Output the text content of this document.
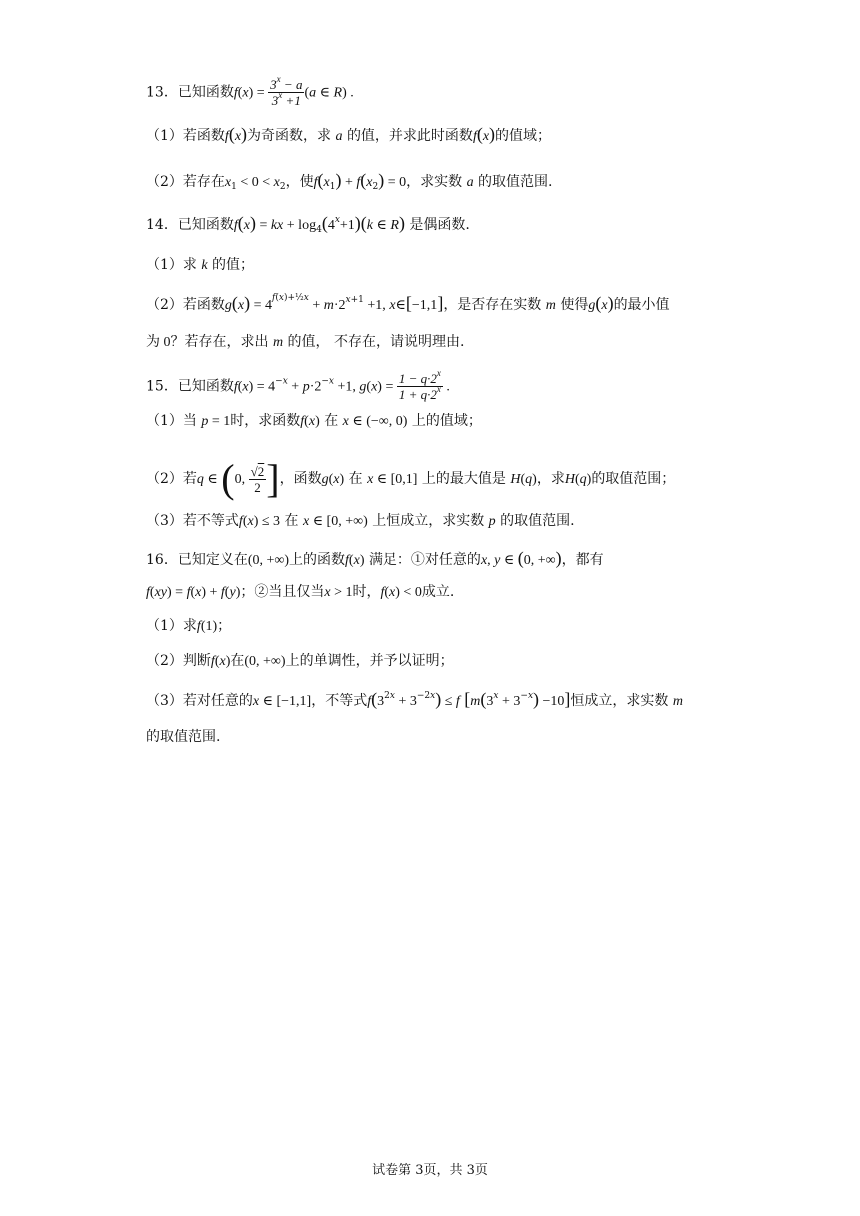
13．已知函数$f(x) = \frac{3^x - a}{3^x +1} (a$ ∈ R) .
（1）若函数f(x)为奇函数，求 a 的值，并求此时函数f(x)的值域；
（2）若存在$x_1 < 0 < x_2$，使$f(x_1) + f(x_2) = 0$，求实数 a 的取值范围.
14．已知函数f(x) = kx + $\log_4(4^x+1)(k$ ∈ R) 是偶函数.
（1）求 k 的值；
（2）若函数$g(x) = 4^{f(x)+\frac{1}{2}x} + m\cdot 2^{x+1} +1$, x∈[−1,1]，是否存在实数 m 使得g(x)的最小值
为 0？若存在，求出 m 的值， 不存在，请说明理由.
15．已知函数$f(x) = 4^{-x} + p\cdot 2^{-x} +1$, $g(x) = \frac{1 - q\cdot 2^x}{1 + q\cdot 2^x}$ .
（1）当 p = 1时，求函数f(x) 在 x ∈ (−∞, 0) 上的值域；
（2）若q ∈ (0, $\frac{√2}{2}$ ]，函数g(x) 在 x ∈ [0,1] 上的最大值是 H(q)，求H(q)的取值范围；
（3）若不等式f(x) ≤ 3 在 x ∈ [0, +∞) 上恒成立，求实数 p 的取值范围.
16．已知定义在(0, +∞)上的函数f(x) 满足：①对任意的x, y ∈ (0, +∞)，都有
f(xy) = f(x) + f(y)；②当且仅当x > 1时，f(x) < 0成立.
（1）求f(1)；
（2）判断f(x)在(0, +∞)上的单调性，并予以证明；
（3）若对任意的x ∈ [−1,1]，不等式$f(3^{2x} + 3^{-2x}) \le f$ $[m(3^x + 3^{-x}) -10]$恒成立，求实数 m
的取值范围.
试卷第 3页，共 3页
